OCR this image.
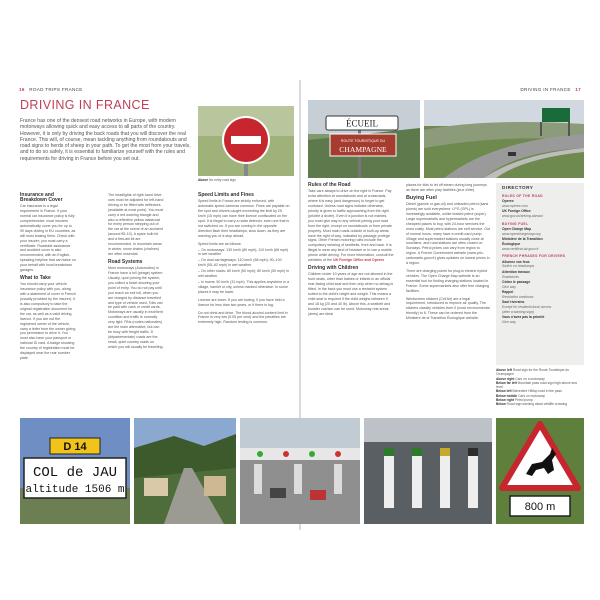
16 ROAD TRIPS FRANCE	DRIVING IN FRANCE 17
DRIVING IN FRANCE

France has one of the densest road networks in Europe, with modern motorways allowing quick and easy access to all parts of the country. However, it is only by driving the back roads that you will discover the real France. This will, of course, mean tackling anything from roundabouts and road signs to herds of sheep in your path. To get the most from your travels, and to do so safely, it is essential to familiarize yourself with the rules and requirements for driving in France before you set out.

Above No entry road sign
Insurance and Breakdown Cover

Car insurance is a legal requirement in France. If your normal car insurance policy is fully comprehensive, most insurers automatically cover you for up to 90 days driving in EU countries, as will most leasing firms. Check with your insurer; you must carry a certificate. Roadside assistance and accident cover is also recommended, with an English-speaking helpline that can liaise on your behalf with local breakdown garages.

What to Take

You should carry your vehicle insurance policy with you, along with a statement of cover in French (usually provided by the insurer). It is also compulsory to take the original registration document for the car, as well as a valid driving licence. If you are not the registered owner of the vehicle, carry a letter from the owner giving you permission to drive it. You must also have your passport or national ID card. A badge showing the country of registration must be displayed near the rear number plate.

The headlights of right-hand drive cars must be adjusted for left-hand driving or be fitted with deflectors (available at most ports). You must carry a red warning triangle and also a reflective yellow waistcoat for every person stepping out of the car at the scene of an accident (around €5-10). A spare bulb kit and a first-aid kit are recommended. In mountain areas in winter, snow chains (chaînes) are often essential.

Road Systems

Most motorways (Autoroutes) in France have a toll (péage) system. Usually, upon joining the system, you collect a ticket showing your point of entry. You do not pay until you reach an exit toll, when you are charged by distance travelled and type of vehicle used. Tolls can be paid with cash or credit cards. Motorways are usually in excellent condition and traffic is normally very light. RNs (routes nationales) are the main alternative, but can be busy with freight traffic. D (départementale) roads are the small, quiet country roads on which you will usually be travelling.

Speed Limits and Fines

Speed limits in France are strictly enforced, with automatic speed cameras common. Fines are payable on the spot and drivers caught exceeding the limit by 25 km/h (15 mph) can have their licence confiscated on the spot. It is illegal to carry a radar detector, even one that is not switched on. If you are coming in the opposite direction flash their headlamps, slow down, as they are warning you of a stop ahead.

Speed limits are as follows:

– On motorways: 130 km/h (80 mph); 110 km/h (68 mph) in wet weather

– On dual carriageways: 110 km/h (68 mph); 90–100 km/h (55–62 mph) in wet weather

– On other roads: 80 km/h (50 mph); 80 km/h (50 mph) in wet weather

– In towns: 50 km/h (31 mph). This applies anywhere in a village, hamlet or city, unless marked otherwise. In some places it may be lower.

Licence are lower. If you are towing, if you have held a licence for less than two years, or if there is fog.

Do not drink and drive. The blood-alcohol content limit in France is very low (0.05 per cent) and the penalties are extremely high. Random testing is common.

ÉCUEIL
ROUTE TOURISTIQUE DU
CHAMPAGNE
Rules of the Road

Take care always to drive on the right in France. Pay extra attention at roundabouts and at crossroads, where it is easy (and dangerous) to forget to get confused. Unless road signs indicate otherwise, priority is given to traffic approaching from the right (priorité à droite). Even if a junction is not marked, you must give way to any vehicle joining your road from the right, except on roundabouts or from private property. Most main roads outside of built-up areas have the right of way, indicated by passage protégé signs. Other French motoring rules include the compulsory wearing of seatbelts, front and back. It is illegal to wear any kind of headset or to use a mobile phone while driving. For more information, consult the websites of the UK Foreign Office and Operex

Driving with Children

Children under 10 years of age are not allowed in the front seats, other than babies or infants in an official rear-facing child seat and then only when no airbag is fitted. In the back you must use a restraint system suited to the child's height and weight. This means a child seat is required if the child weighs between 9 and 18 kg (20 and 40 lb). Above this, a seatbelt and booster cushion can be used. Motorway rest areas (aires) are ideal

places for kids to let off steam during long journeys as there are often play facilities (jeux d'été).

Buying Fuel

Diesel (gazole or gas-oil) and unleaded petrol (sans plomb) are sold everywhere. LPG (GPL) is increasingly available, unlike leaded petrol (super). Large supermarkets and hypermarkets are the cheapest places to buy, with 24-hour services the most costly. Most petrol stations are self-service. Out of normal hours, many have a credit-card pump. Village and supermarket stations usually close at lunchtime, and rural stations are often closed on Sundays. Petrol prices can vary from region to region. A French Government website (www.prix-carburants.gouv.fr) gives updates on lowest prices in a region.

There are charging points for plug-in electric hybrid vehicles. The Open Charge Map website is an essential tool for finding charging stations located in France. Some supermarkets also offer free charging facilities.

Windscreen stickers (Crit'Air) are a legal requirement, introduced to improve air quality. The stickers classify vehicles from 0 (most environmental friendly) to 6. These can be ordered from the Ministère de la Transition Écologique website.

DIRECTORY
RULES OF THE ROAD
Operex
www.operex.com
UK Foreign Office
www.gov.uk/driving-abroad
BUYING FUEL
Open Charge Map
www.openchargemap.org
Ministère de la Transition
Écologique
www.certificat-air.gouv.fr
FRENCH PHRASES FOR DRIVERS
Allumez vos feux
Switch on headlamps
Attention travaux
Roadworks
Cédez le passage
Give way
Rappel
Restriction continues
Sauf riverains
Except for residents/local access
(after a warning sign)
Vous n'avez pas la priorité
Give way
Above left Road sign for the Route Touristique du Champagne
Above right Cars on a motorway
Below far left Mountain pass road sign high above sea level
Below left Belvedere Hilltop road in the pass
Below middle Cars on motorway
Below right Petrol pump
Below Road sign warning about wildlife crossing
D 14
COL de JAU
altitude 1506 m
800 m
